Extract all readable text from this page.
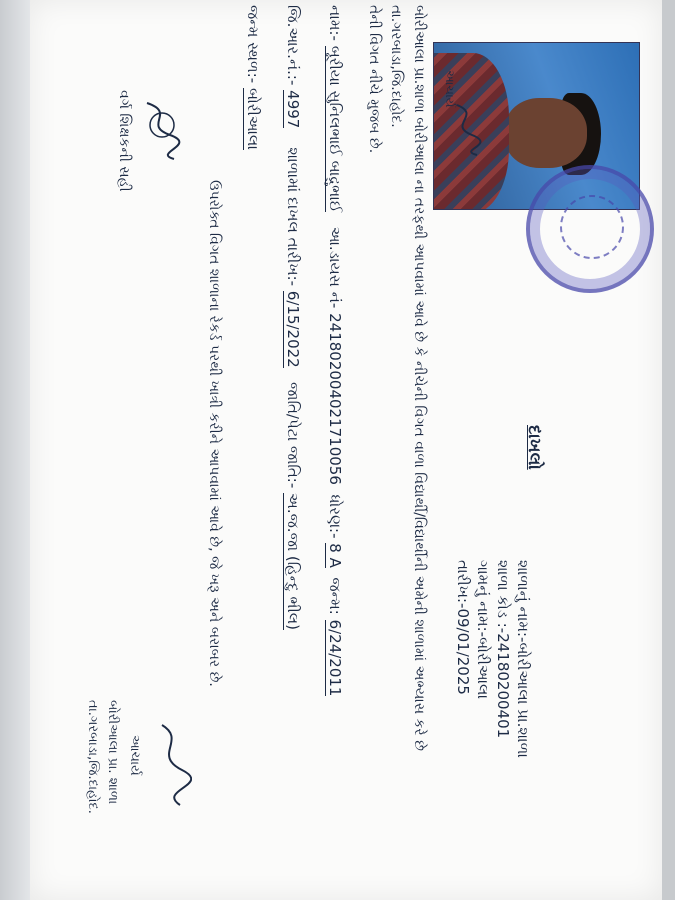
દાખલો
શાળાનું નામ:-બોરીઆલા પ્રા.શાળા
શાળા કોડ :-24180200401
ગામનું નામ:-બોરીઆલા
તારીખ:-09/01/2025
આચાર્ય
બોરીઆલા પ્રા.શાળા બોરીઆલા ના તરફથી આપવામાં આવે છે કે નીચેની વિગત વાળા વિદ્યાર્થી/વિદ્યાર્થીની અમેની શાળામાં અભ્યાસ કરે છે
તા.ગરબાડા,જિ.દાહોદ.
તેની વિગત નીચે મુજબ છે.
નામ:- બૂરીયા સુનિલભાઈ બાદ્રુભાઈ   આ.ડાયસ નં- 24180200402171005​6  ધોરણ:- 8 A  જન્મ: 6/24/2011
જિ.આર.નં.:- 4997    શાળામાં દાખલ તારીખ:- 6/15/2022   જાતિ/પેટા જાતિ:- અ.જ.જા (હિન્દુ ભીલ)
જન્મ સ્થળ:- બોરીઆલા
ઉપરોક્ત વિગત શાળાના રેકર્ડ પરથી ખાત્રી કરીને આપવામાં આવે છે, જે ખરૂ અને બરાબર છે.
વર્ગ શિક્ષકની સહી
આચાર્ય
બોરીઆલા પ્રા. શાળા
તા.ગરબાડા,જિ.દાહોદ.
